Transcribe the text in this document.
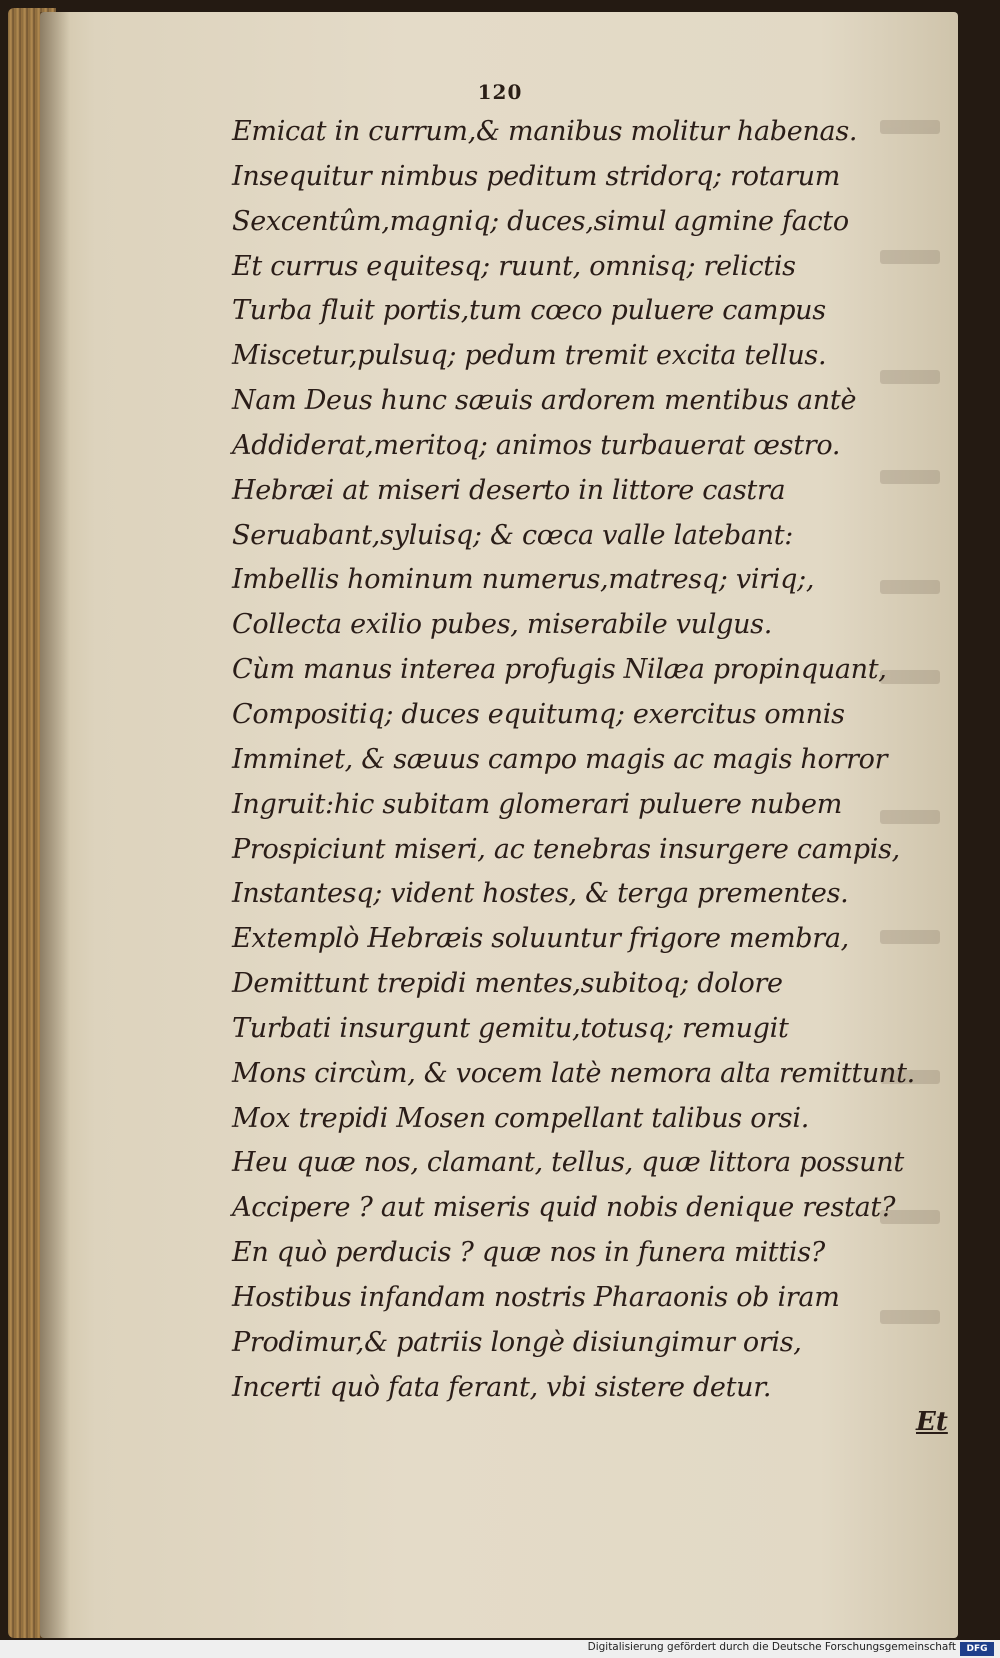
120
Emicat in currum,& manibus molitur habenas.
Insequitur nimbus peditum stridorq; rotarum
Sexcentûm,magniq; duces,simul agmine facto
Et currus equitesq; ruunt, omnisq; relictis
Turba fluit portis,tum cœco puluere campus
Miscetur,pulsuq; pedum tremit excita tellus.
Nam Deus hunc sæuis ardorem mentibus antè
Addiderat,meritoq; animos turbauerat œstro.
Hebræi at miseri deserto in littore castra
Seruabant,syluisq; & cœca valle latebant:
Imbellis hominum numerus,matresq; viriq;,
Collecta exilio pubes, miserabile vulgus.
Cùm manus interea profugis Nilæa propinquant,
Compositiq; duces equitumq; exercitus omnis
Imminet, & sæuus campo magis ac magis horror
Ingruit:hic subitam glomerari puluere nubem
Prospiciunt miseri, ac tenebras insurgere campis,
Instantesq; vident hostes, & terga prementes.
Extemplò Hebræis soluuntur frigore membra,
Demittunt trepidi mentes,subitoq; dolore
Turbati insurgunt gemitu,totusq; remugit
Mons circùm, & vocem latè nemora alta remittunt.
Mox trepidi Mosen compellant talibus orsi.
Heu quæ nos, clamant, tellus, quæ littora possunt
Accipere ? aut miseris quid nobis denique restat?
En quò perducis ? quæ nos in funera mittis?
Hostibus infandam nostris Pharaonis ob iram
Prodimur,& patriis longè disiungimur oris,
Incerti quò fata ferant, vbi sistere detur.
Et
Digitalisierung gefördert durch die Deutsche Forschungsgemeinschaft	DFG
